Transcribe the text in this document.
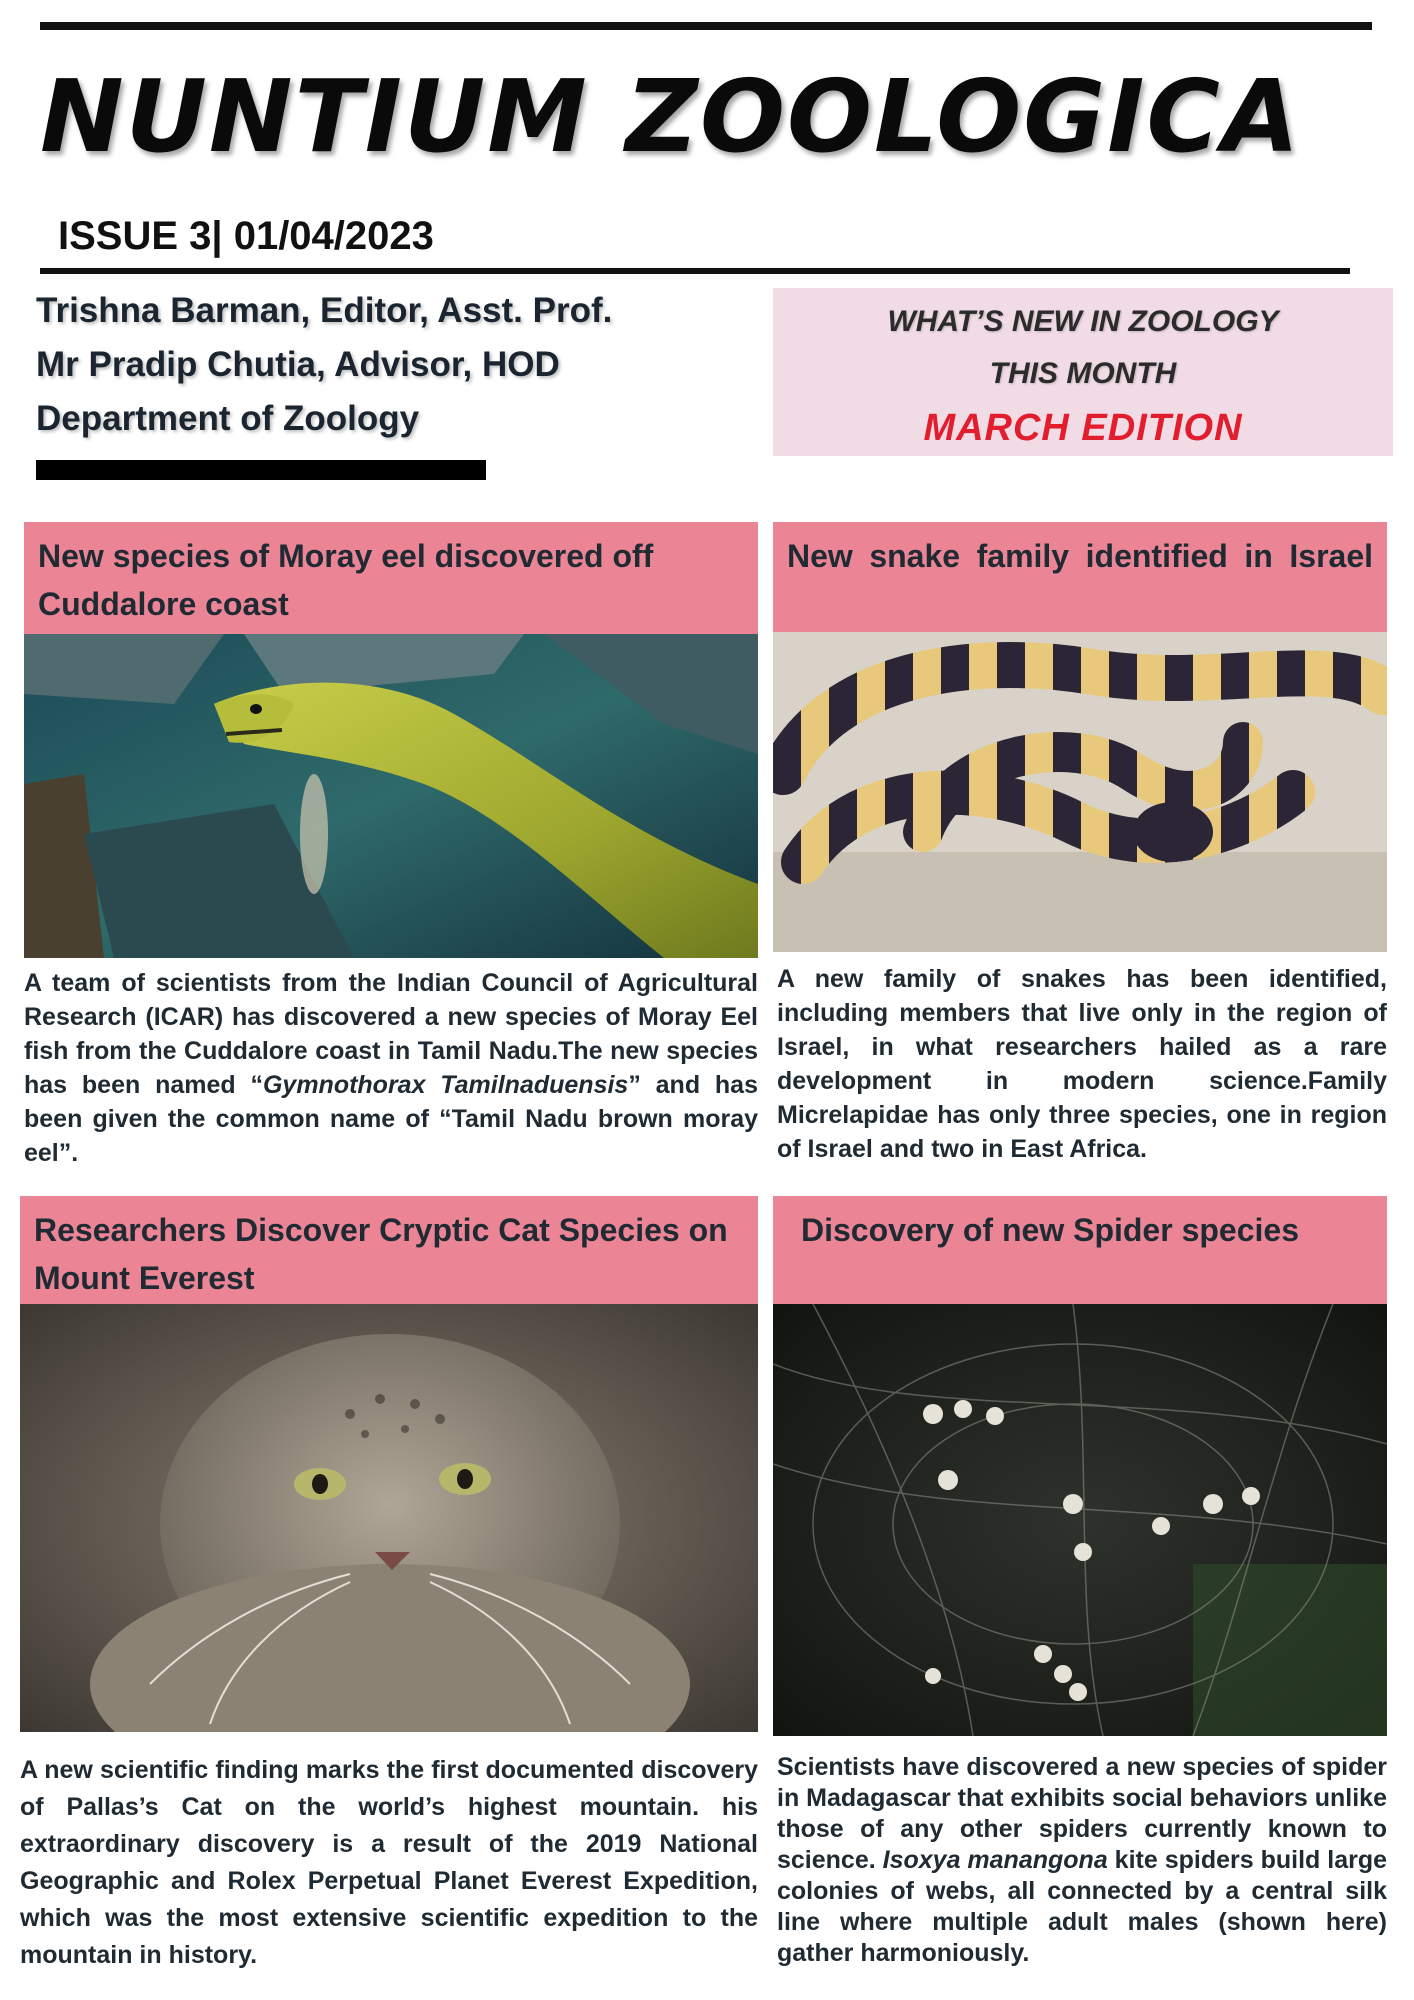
NUNTIUM ZOOLOGICA
ISSUE 3| 01/04/2023
Trishna Barman, Editor, Asst. Prof.
Mr Pradip Chutia, Advisor, HOD
Department of Zoology
WHAT’S NEW IN ZOOLOGY
THIS MONTH
MARCH EDITION
New species of Moray eel discovered off Cuddalore coast
A team of scientists from the Indian Council of Agricultural Research (ICAR) has discovered a new species of Moray Eel fish from the Cuddalore coast in Tamil Nadu.The new species has been named “Gymnothorax Tamilnaduensis” and has been given the common name of “Tamil Nadu brown moray eel”.
New snake family identified in Israel
A new family of snakes has been identified, including members that live only in the region of Israel, in what researchers hailed as a rare development in modern science.Family Micrelapidae has only three species, one in region of Israel and two in East Africa.
Researchers Discover Cryptic Cat Species on Mount Everest
A new scientific finding marks the first documented discovery of Pallas’s Cat on the world’s highest mountain. his extraordinary discovery is a result of the 2019 National Geographic and Rolex Perpetual Planet Everest Expedition, which was the most extensive scientific expedition to the mountain in history.
Discovery of new Spider species
Scientists have discovered a new species of spider in Madagascar that exhibits social behaviors unlike those of any other spiders currently known to science. Isoxya manangona kite spiders build large colonies of webs, all connected by a central silk line where multiple adult males (shown here) gather harmoniously.
